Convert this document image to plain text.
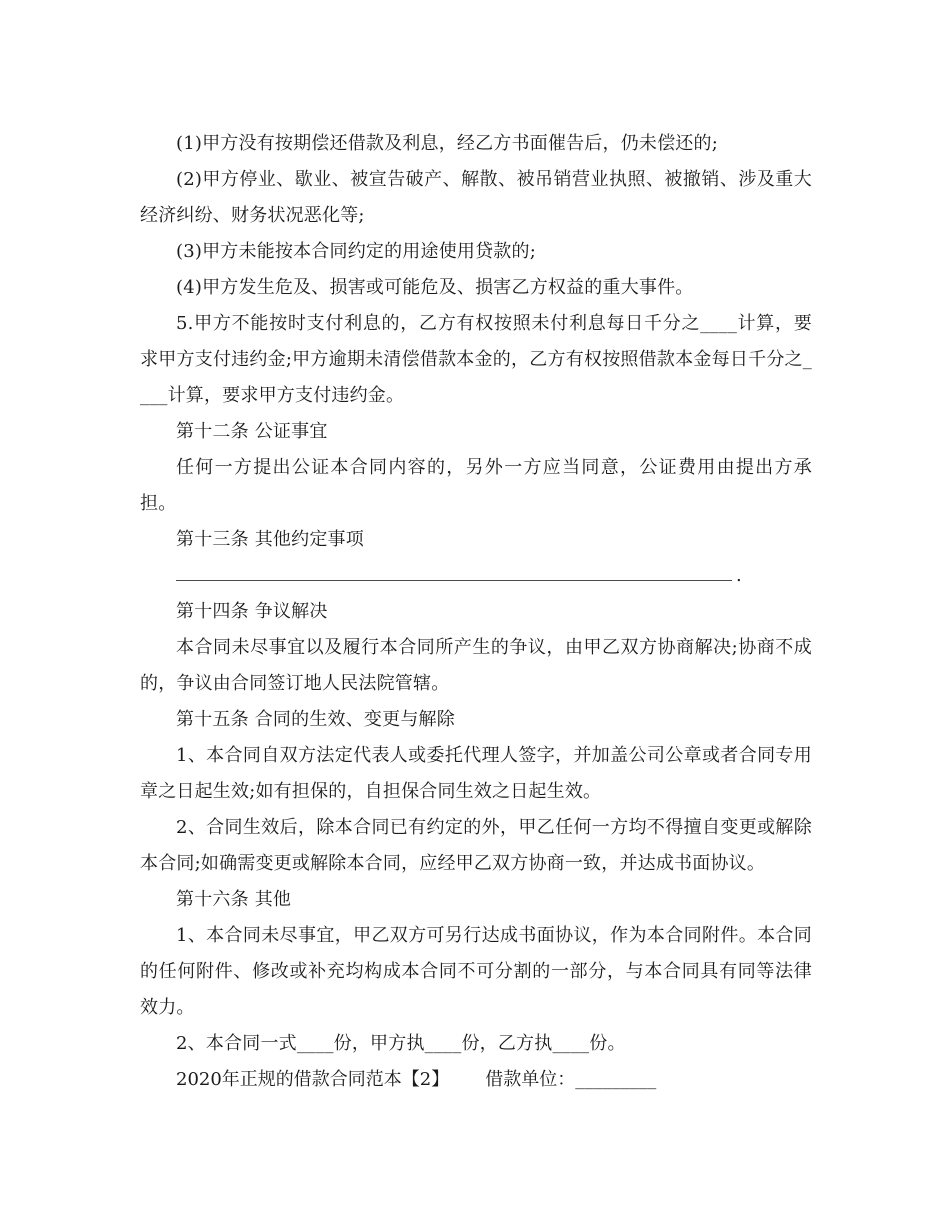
(1)甲方没有按期偿还借款及利息，经乙方书面催告后，仍未偿还的;

(2)甲方停业、歇业、被宣告破产、解散、被吊销营业执照、被撤销、涉及重大经济纠纷、财务状况恶化等;

(3)甲方未能按本合同约定的用途使用贷款的;

(4)甲方发生危及、损害或可能危及、损害乙方权益的重大事件。

5.甲方不能按时支付利息的，乙方有权按照未付利息每日千分之____计算，要求甲方支付违约金;甲方逾期未清偿借款本金的，乙方有权按照借款本金每日千分之____计算，要求甲方支付违约金。

第十二条 公证事宜

任何一方提出公证本合同内容的，另外一方应当同意，公证费用由提出方承担。

第十三条 其他约定事项

.

第十四条 争议解决

本合同未尽事宜以及履行本合同所产生的争议，由甲乙双方协商解决;协商不成的，争议由合同签订地人民法院管辖。

第十五条 合同的生效、变更与解除

1、本合同自双方法定代表人或委托代理人签字，并加盖公司公章或者合同专用章之日起生效;如有担保的，自担保合同生效之日起生效。

2、合同生效后，除本合同已有约定的外，甲乙任何一方均不得擅自变更或解除本合同;如确需变更或解除本合同，应经甲乙双方协商一致，并达成书面协议。

第十六条 其他

1、本合同未尽事宜，甲乙双方可另行达成书面协议，作为本合同附件。本合同的任何附件、修改或补充均构成本合同不可分割的一部分，与本合同具有同等法律效力。

2、本合同一式____份，甲方执____份，乙方执____份。

2020年正规的借款合同范本【2】 借款单位：_________
